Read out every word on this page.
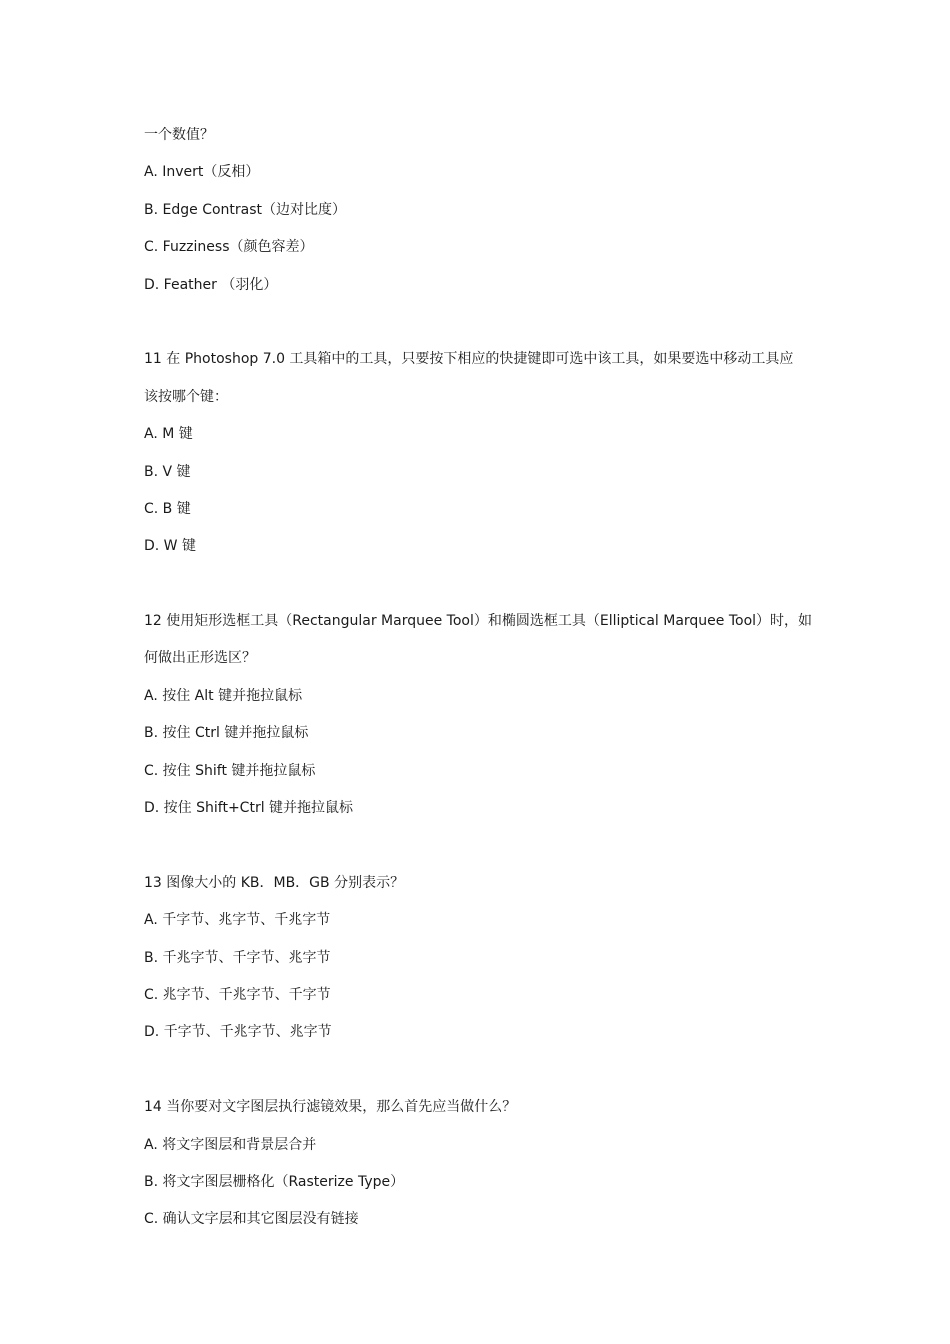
一个数值？
A. Invert（反相）
B. Edge Contrast（边对比度）
C. Fuzziness（颜色容差）
D. Feather （羽化）
11 在 Photoshop 7.0 工具箱中的工具，只要按下相应的快捷键即可选中该工具，如果要选中移动工具应
该按哪个键：
A. M 键
B. V 键
C. B 键
D. W 键
12 使用矩形选框工具（Rectangular Marquee Tool）和椭圆选框工具（Elliptical Marquee Tool）时，如
何做出正形选区？
A. 按住 Alt 键并拖拉鼠标
B. 按住 Ctrl 键并拖拉鼠标
C. 按住 Shift 键并拖拉鼠标
D. 按住 Shift+Ctrl 键并拖拉鼠标
13 图像大小的 KB．MB．GB 分别表示？
A. 千字节、兆字节、千兆字节
B. 千兆字节、千字节、兆字节
C. 兆字节、千兆字节、千字节
D. 千字节、千兆字节、兆字节
14 当你要对文字图层执行滤镜效果，那么首先应当做什么？
A. 将文字图层和背景层合并
B. 将文字图层栅格化（Rasterize Type）
C. 确认文字层和其它图层没有链接
